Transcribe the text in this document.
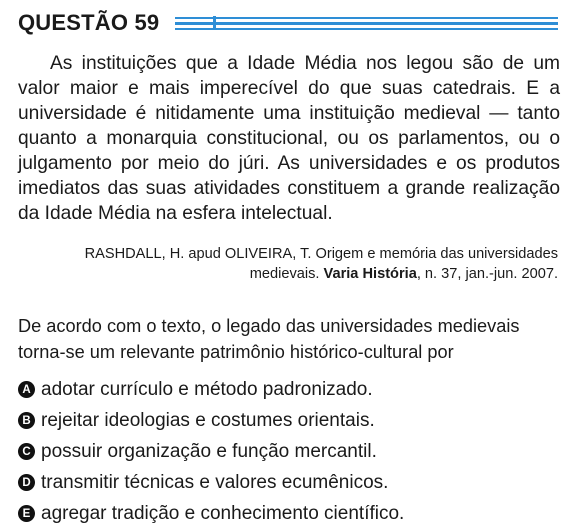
QUESTÃO 59

As instituições que a Idade Média nos legou são de um valor maior e mais imperecível do que suas catedrais. E a universidade é nitidamente uma instituição medieval — tanto quanto a monarquia constitucional, ou os parlamentos, ou o julgamento por meio do júri. As universidades e os produtos imediatos das suas atividades constituem a grande realização da Idade Média na esfera intelectual.

RASHDALL, H. apud OLIVEIRA, T. Origem e memória das universidades medievais. Varia História, n. 37, jan.-jun. 2007.

De acordo com o texto, o legado das universidades medievais torna-se um relevante patrimônio histórico-cultural por

A adotar currículo e método padronizado.
B rejeitar ideologias e costumes orientais.
C possuir organização e função mercantil.
D transmitir técnicas e valores ecumênicos.
E agregar tradição e conhecimento científico.
